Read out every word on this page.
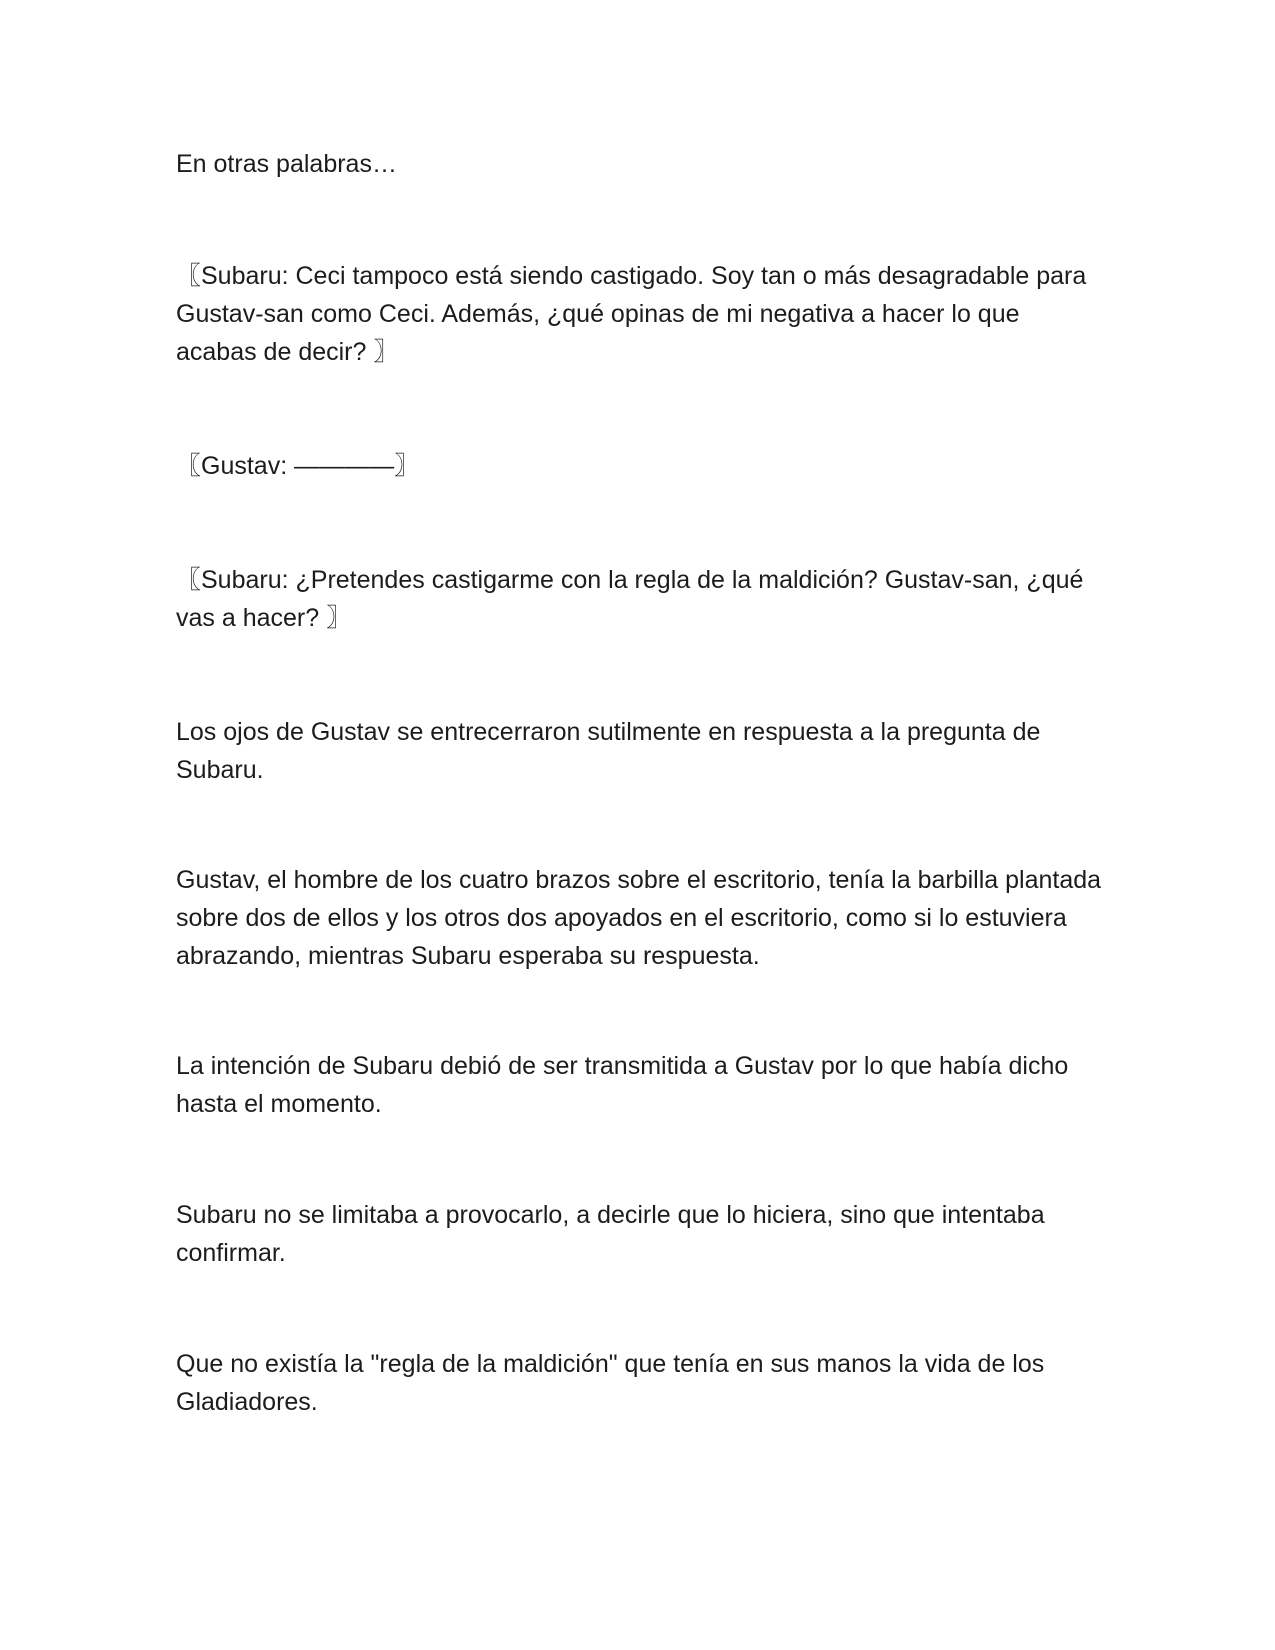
En otras palabras…

〖Subaru: Ceci tampoco está siendo castigado. Soy tan o más desagradable para Gustav-san como Ceci. Además, ¿qué opinas de mi negativa a hacer lo que acabas de decir? 〗

〖Gustav: ————〗

〖Subaru: ¿Pretendes castigarme con la regla de la maldición? Gustav-san, ¿qué vas a hacer? 〗

Los ojos de Gustav se entrecerraron sutilmente en respuesta a la pregunta de Subaru.

Gustav, el hombre de los cuatro brazos sobre el escritorio, tenía la barbilla plantada sobre dos de ellos y los otros dos apoyados en el escritorio, como si lo estuviera abrazando, mientras Subaru esperaba su respuesta.

La intención de Subaru debió de ser transmitida a Gustav por lo que había dicho hasta el momento.

Subaru no se limitaba a provocarlo, a decirle que lo hiciera, sino que intentaba confirmar.

Que no existía la "regla de la maldición" que tenía en sus manos la vida de los Gladiadores.
